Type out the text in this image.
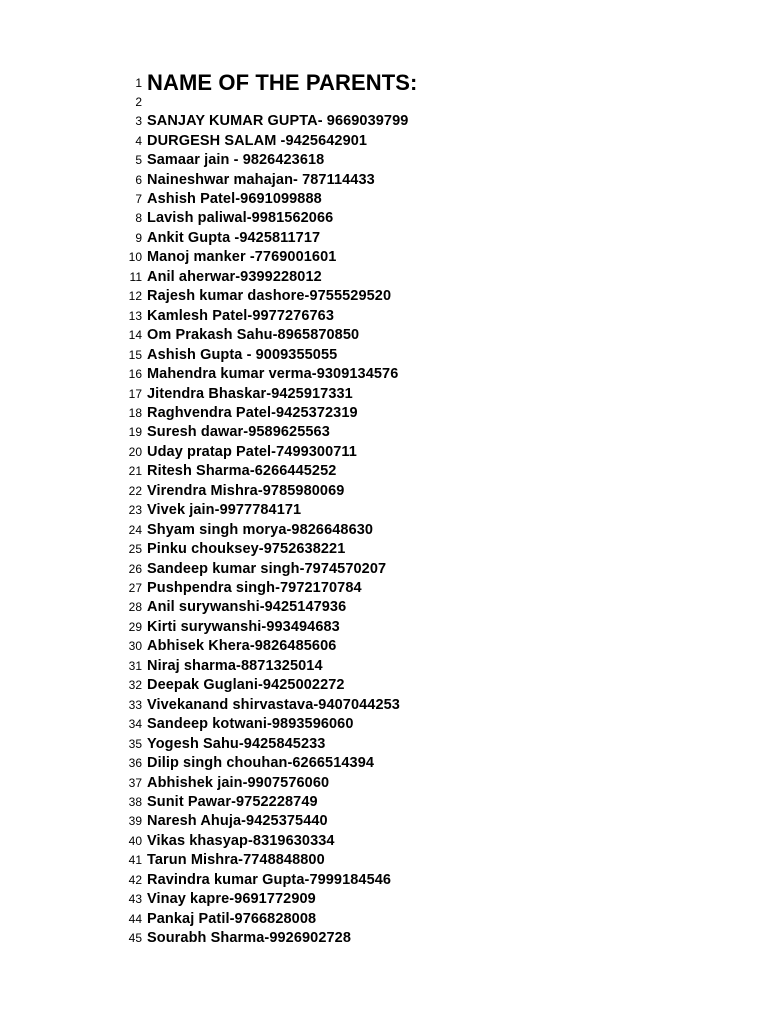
1 NAME OF THE PARENTS:
2
3 SANJAY KUMAR GUPTA- 9669039799
4 DURGESH SALAM -9425642901
5 Samaar jain - 9826423618
6 Naineshwar mahajan- 787114433
7 Ashish Patel-9691099888
8 Lavish paliwal-9981562066
9 Ankit Gupta -9425811717
10 Manoj manker -7769001601
11 Anil aherwar-9399228012
12 Rajesh kumar dashore-9755529520
13 Kamlesh Patel-9977276763
14 Om Prakash Sahu-8965870850
15 Ashish Gupta - 9009355055
16 Mahendra kumar verma-9309134576
17 Jitendra Bhaskar-9425917331
18 Raghvendra Patel-9425372319
19 Suresh dawar-9589625563
20 Uday pratap Patel-7499300711
21 Ritesh Sharma-6266445252
22 Virendra Mishra-9785980069
23 Vivek jain-9977784171
24 Shyam singh morya-9826648630
25 Pinku chouksey-9752638221
26 Sandeep kumar singh-7974570207
27 Pushpendra singh-7972170784
28 Anil surywanshi-9425147936
29 Kirti surywanshi-993494683
30 Abhisek Khera-9826485606
31 Niraj sharma-8871325014
32 Deepak Guglani-9425002272
33 Vivekanand shirvastava-9407044253
34 Sandeep kotwani-9893596060
35 Yogesh Sahu-9425845233
36 Dilip singh chouhan-6266514394
37 Abhishek jain-9907576060
38 Sunit Pawar-9752228749
39 Naresh Ahuja-9425375440
40 Vikas khasyap-8319630334
41 Tarun Mishra-7748848800
42 Ravindra kumar Gupta-7999184546
43 Vinay kapre-9691772909
44 Pankaj Patil-9766828008
45 Sourabh Sharma-9926902728
